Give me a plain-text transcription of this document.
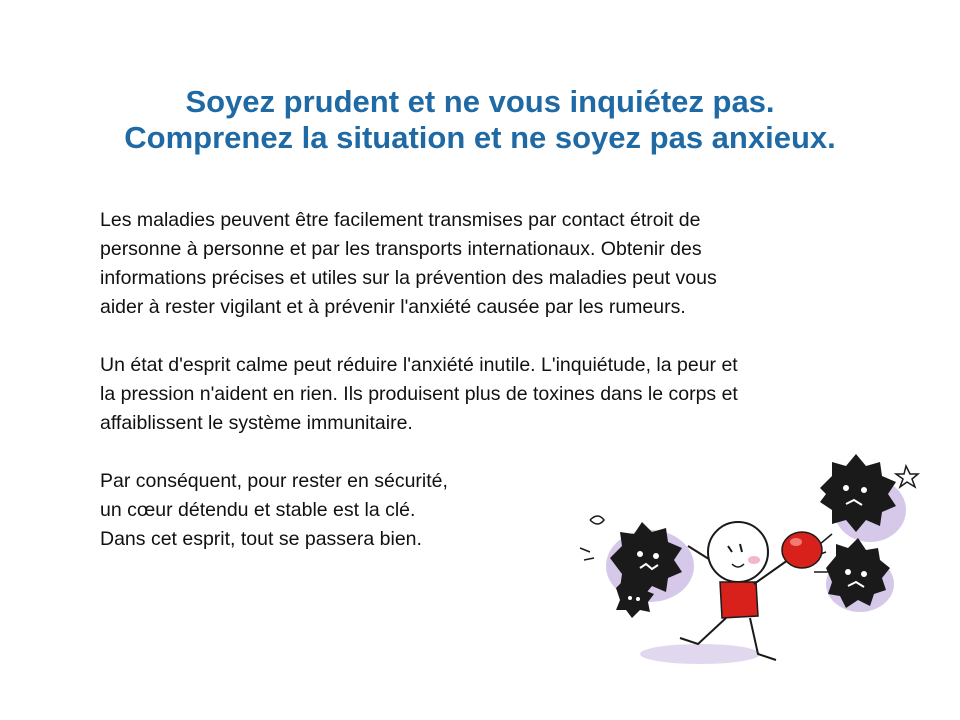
Soyez prudent et ne vous inquiétez pas.
Comprenez la situation et ne soyez pas anxieux.
Les maladies peuvent être facilement transmises par contact étroit de
personne à personne et par les transports internationaux. Obtenir des
informations précises et utiles sur la prévention des maladies peut vous
aider à rester vigilant et à prévenir l'anxiété causée par les rumeurs.
Un état d'esprit calme peut réduire l'anxiété inutile. L'inquiétude, la peur et
la pression n'aident en rien. Ils produisent plus de toxines dans le corps et
affaiblissent le système immunitaire.
Par conséquent, pour rester en sécurité,
un cœur détendu et stable est la clé.
Dans cet esprit, tout se passera bien.
